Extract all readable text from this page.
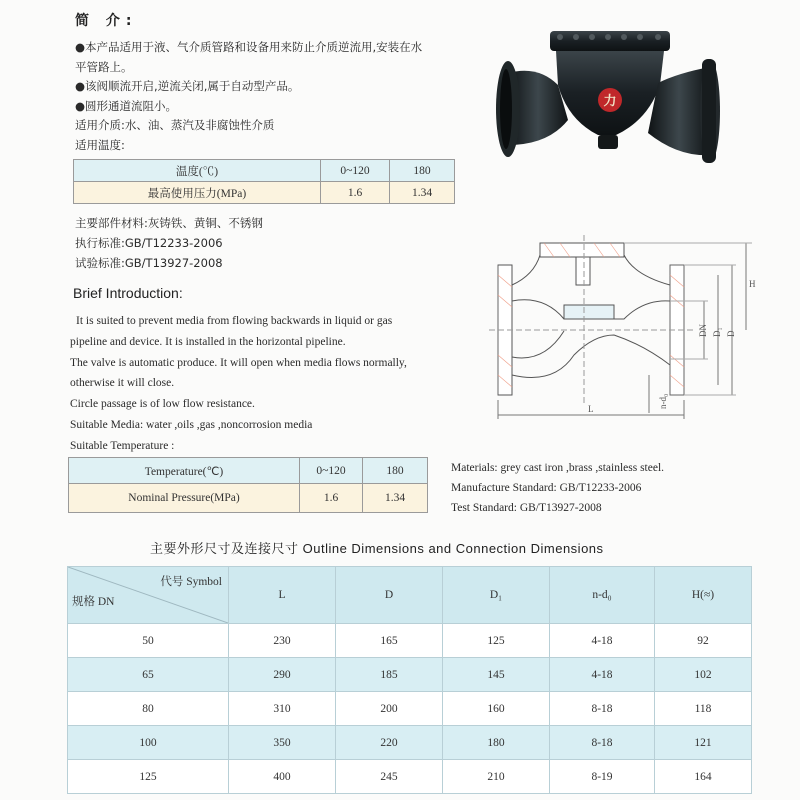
简 介:
●本产品适用于液、气介质管路和设备用来防止介质逆流用,安装在水
平管路上。
●该阀顺流开启,逆流关闭,属于自动型产品。
●圆形通道流阻小。
适用介质:水、油、蒸汽及非腐蚀性介质
适用温度:
温度(℃)	0~120	180
最高使用压力(MPa)	1.6	1.34
主要部件材料:灰铸铁、黄铜、不锈钢
执行标准:GB/T12233-2006
试验标准:GB/T13927-2008
力
H
DN D₁ D
n-d₀
L
Brief Introduction:
It is suited to prevent media from flowing backwards in liquid or gas
pipeline and device. It is installed in the horizontal pipeline.
The valve is automatic produce. It will open when media flows normally,
otherwise it will close.
Circle passage is of low flow resistance.
Suitable Media: water ,oils ,gas ,noncorrosion media
Suitable Temperature :
Temperature(℃)	0~120	180
Nominal Pressure(MPa)	1.6	1.34
Materials: grey cast iron ,brass ,stainless steel.
Manufacture Standard: GB/T12233-2006
Test Standard: GB/T13927-2008
主要外形尺寸及连接尺寸 Outline Dimensions and Connection Dimensions
代号 Symbol
规格 DN	L	D	D₁	n-d₀	H(≈)
50	230	165	125	4-18	92
65	290	185	145	4-18	102
80	310	200	160	8-18	118
100	350	220	180	8-18	121
125	400	245	210	8-19	164
